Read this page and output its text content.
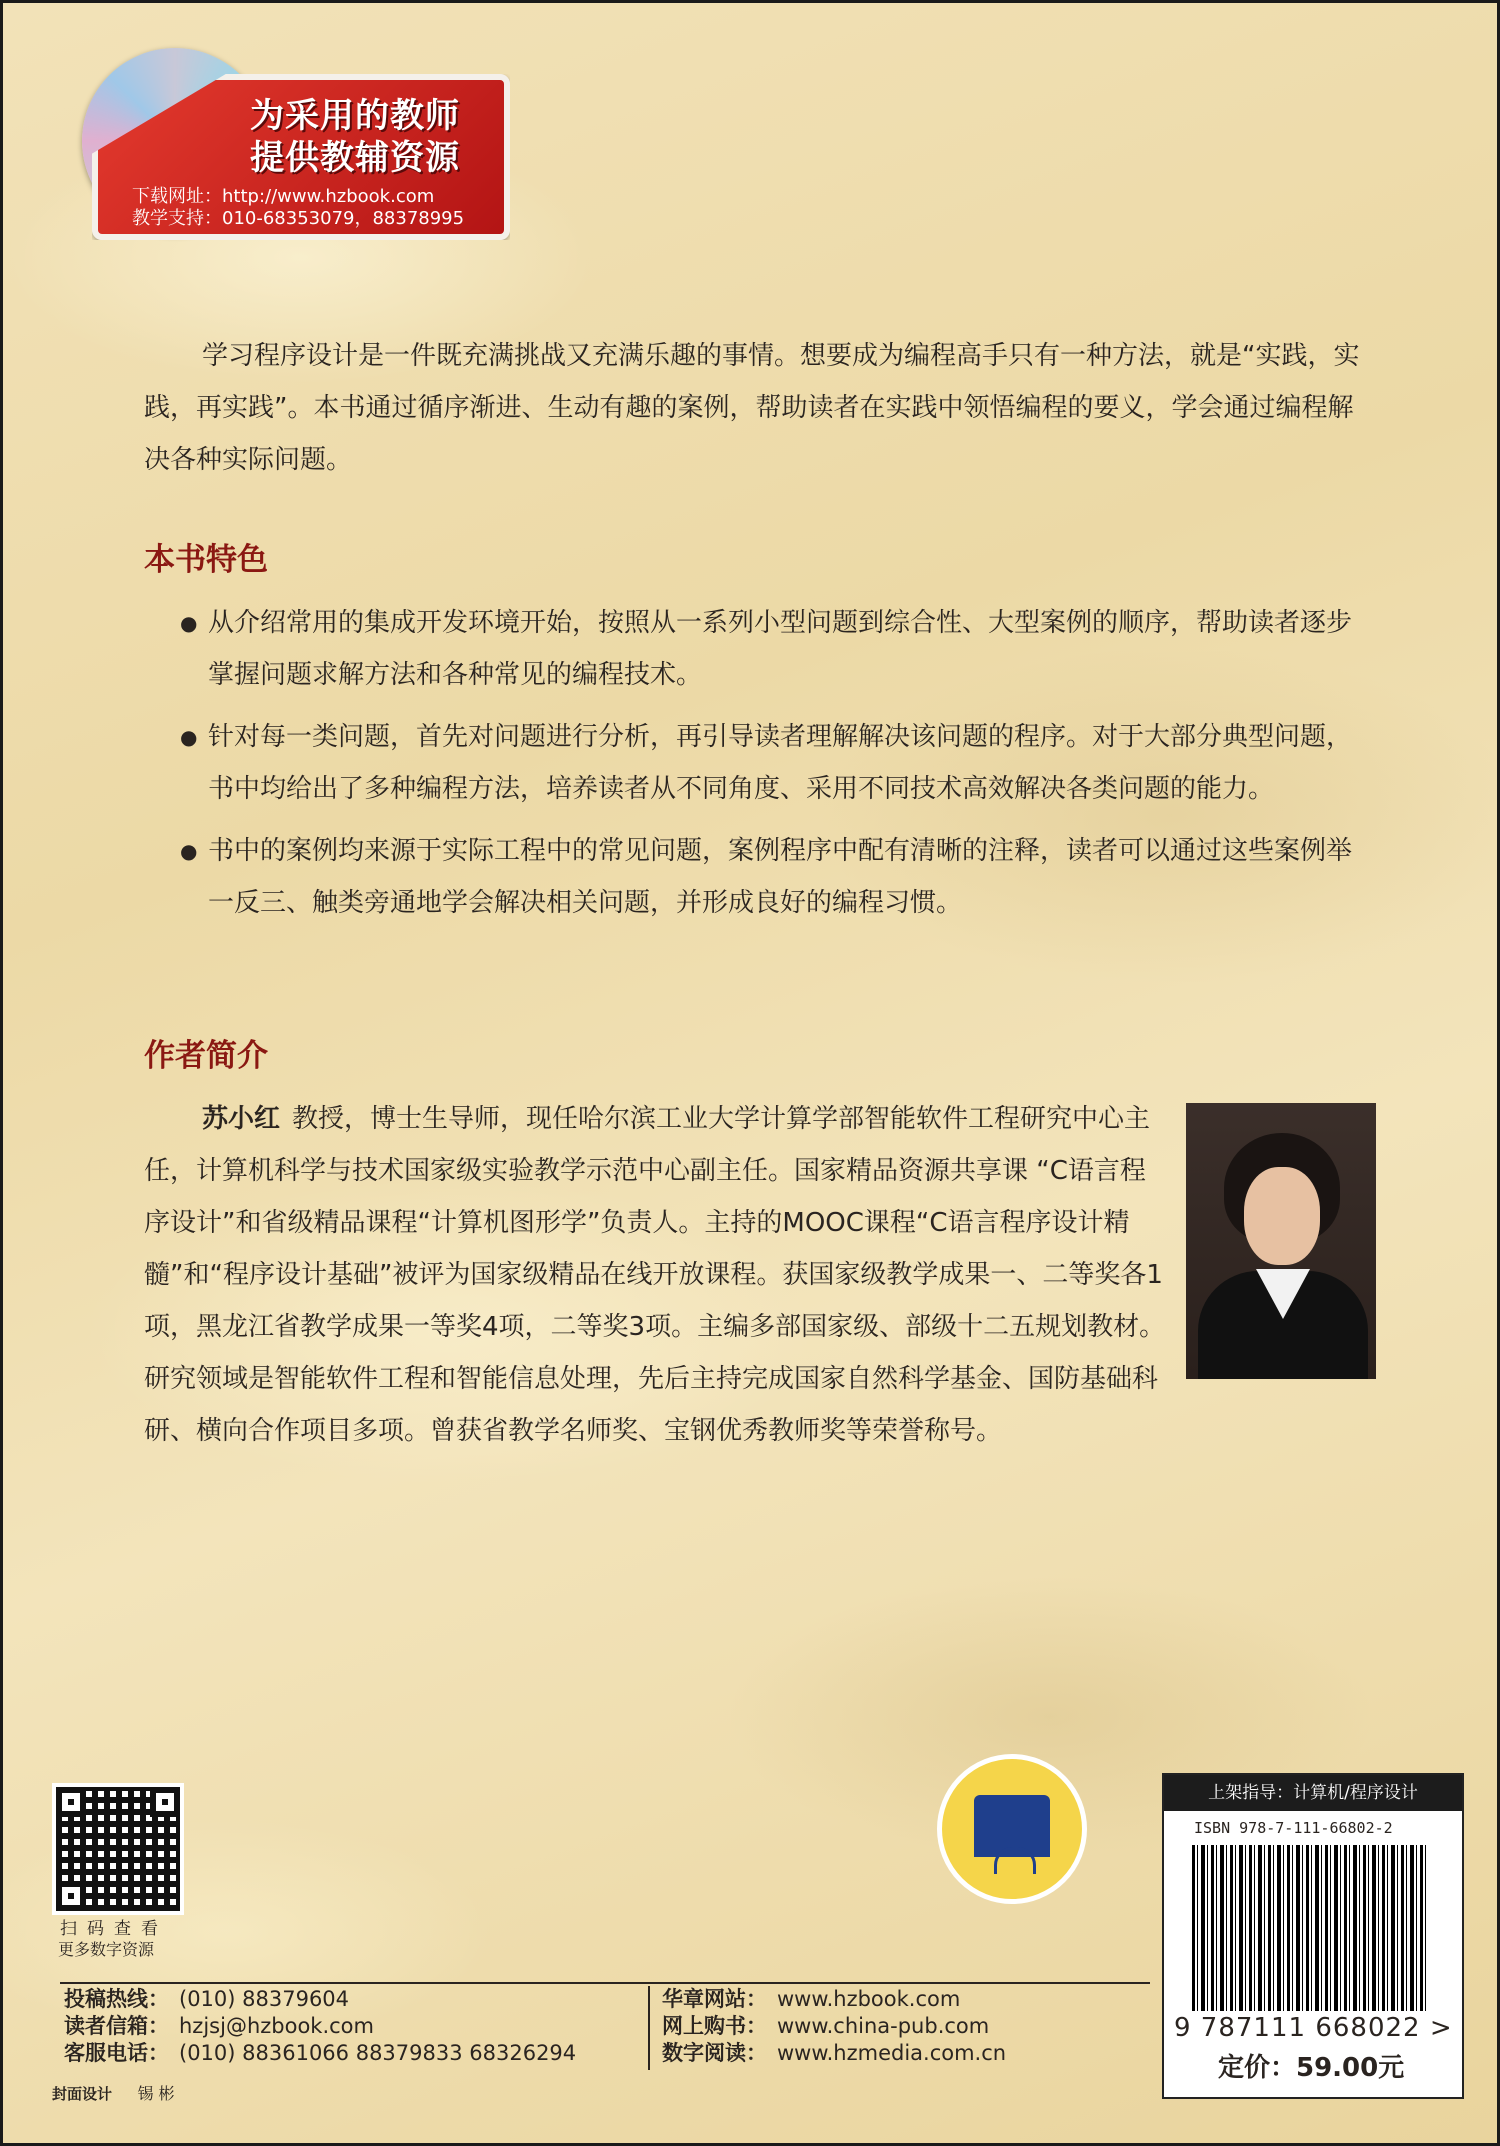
为采用的教师
提供教辅资源
下载网址：http://www.hzbook.com
教学支持：010-68353079，88378995
学习程序设计是一件既充满挑战又充满乐趣的事情。想要成为编程高手只有一种方法，就是“实践，实践，再实践”。本书通过循序渐进、生动有趣的案例，帮助读者在实践中领悟编程的要义，学会通过编程解决各种实际问题。
本书特色
● 从介绍常用的集成开发环境开始，按照从一系列小型问题到综合性、大型案例的顺序，帮助读者逐步掌握问题求解方法和各种常见的编程技术。
● 针对每一类问题，首先对问题进行分析，再引导读者理解解决该问题的程序。对于大部分典型问题，书中均给出了多种编程方法，培养读者从不同角度、采用不同技术高效解决各类问题的能力。
● 书中的案例均来源于实际工程中的常见问题，案例程序中配有清晰的注释，读者可以通过这些案例举一反三、触类旁通地学会解决相关问题，并形成良好的编程习惯。
作者简介
苏小红 教授，博士生导师，现任哈尔滨工业大学计算学部智能软件工程研究中心主任，计算机科学与技术国家级实验教学示范中心副主任。国家精品资源共享课 “C语言程序设计”和省级精品课程“计算机图形学”负责人。主持的MOOC课程“C语言程序设计精髓”和“程序设计基础”被评为国家级精品在线开放课程。获国家级教学成果一、二等奖各1项，黑龙江省教学成果一等奖4项，二等奖3项。主编多部国家级、部级十二五规划教材。研究领域是智能软件工程和智能信息处理，先后主持完成国家自然科学基金、国防基础科研、横向合作项目多项。曾获省教学名师奖、宝钢优秀教师奖等荣誉称号。
扫码查看
更多数字资源
上架指导：计算机/程序设计
ISBN 978-7-111-66802-2
9 787111 668022 >
定价：59.00元
投稿热线： (010) 88379604
读者信箱： hzjsj@hzbook.com
客服电话： (010) 88361066 88379833 68326294
华章网站： www.hzbook.com
网上购书： www.china-pub.com
数字阅读： www.hzmedia.com.cn
封面设计 锡 彬
